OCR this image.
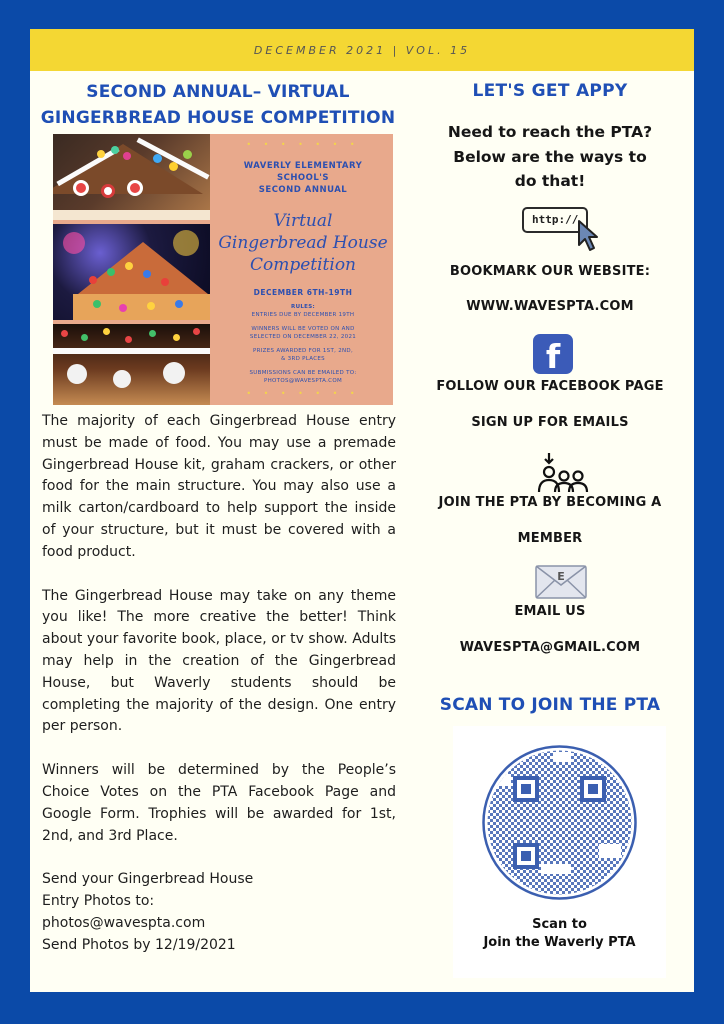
DECEMBER 2021 | VOL. 15
SECOND ANNUAL– VIRTUAL
GINGERBREAD HOUSE COMPETITION
• • • • • • •
WAVERLY ELEMENTARY
SCHOOL'S
SECOND ANNUAL
Virtual
Gingerbread House
Competition
DECEMBER 6TH-19TH
RULES:
ENTRIES DUE BY DECEMBER 19TH
WINNERS WILL BE VOTED ON AND
SELECTED ON DECEMBER 22, 2021
PRIZES AWARDED FOR 1ST, 2ND,
& 3RD PLACES
SUBMISSIONS CAN BE EMAILED TO:
PHOTOS@WAVESPTA.COM
• • • • • • •

The majority of each Gingerbread House entry must be made of food. You may use a premade Gingerbread House kit, graham crackers, or other food for the main structure. You may also use a milk carton/cardboard to help support the inside of your structure, but it must be covered with a food product.

The Gingerbread House may take on any theme you like! The more creative the better! Think about your favorite book, place, or tv show. Adults may help in the creation of the Gingerbread House, but Waverly students should be completing the majority of the design. One entry per person.

Winners will be determined by the People’s Choice Votes on the PTA Facebook Page and Google Form. Trophies will be awarded for 1st, 2nd, and 3rd Place.

Send your Gingerbread House
Entry Photos to:
photos@wavespta.com
Send Photos by 12/19/2021
LET'S GET APPY
Need to reach the PTA?
Below are the ways to
do that!
http://
BOOKMARK OUR WEBSITE:
WWW.WAVESPTA.COM
f
FOLLOW OUR FACEBOOK PAGE
SIGN UP FOR EMAILS
JOIN THE PTA BY BECOMING A
MEMBER
E
EMAIL US
WAVESPTA@GMAIL.COM
SCAN TO JOIN THE PTA
Scan to
Join the Waverly PTA
